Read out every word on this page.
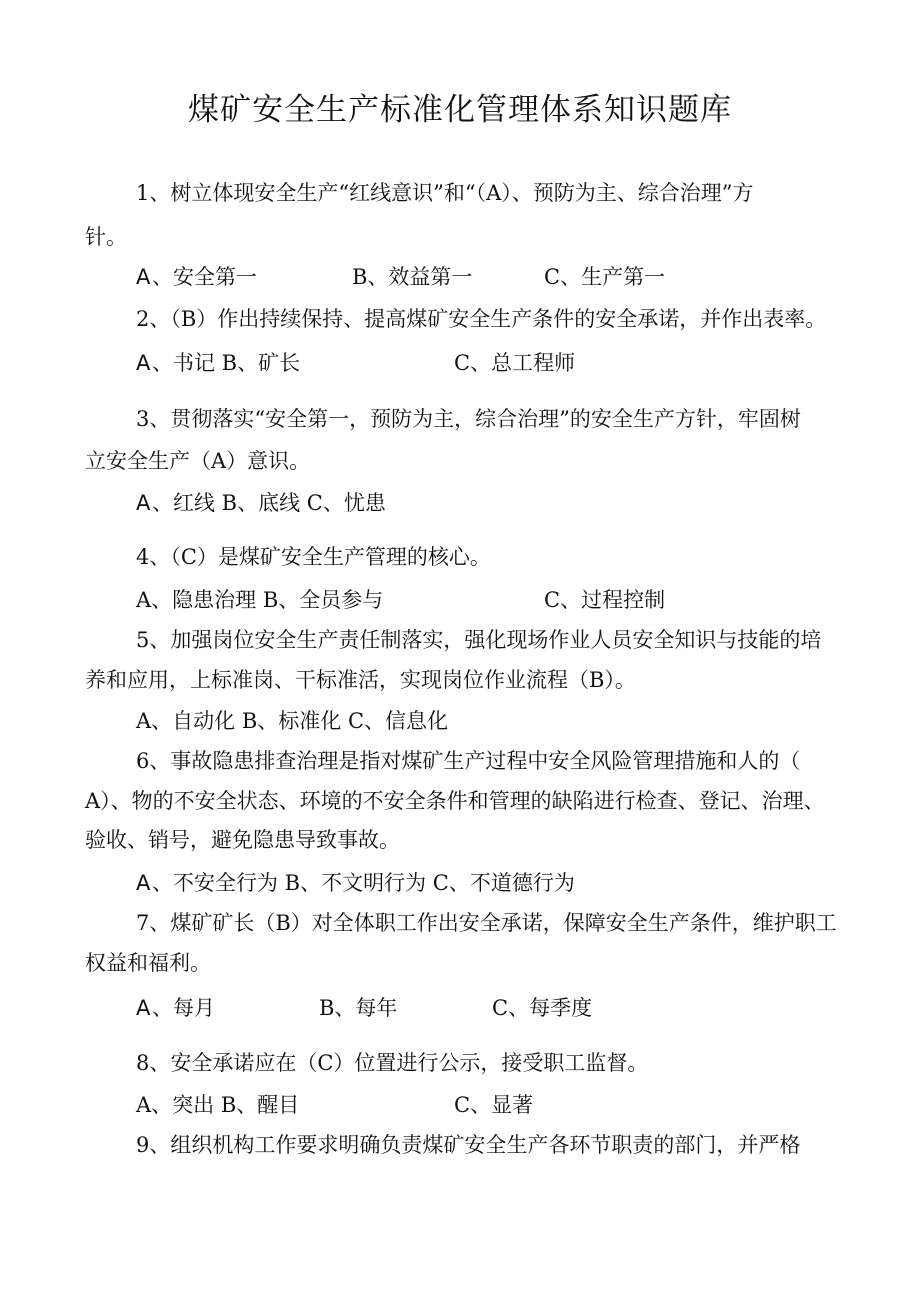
煤矿安全生产标准化管理体系知识题库
1、树立体现安全生产“红线意识”和“（A）、预防为主、综合治理”方
针。
A 、安全第一	B、效益第一	C、生产第一
2、（B）作出持续保持、提高煤矿安全生产条件的安全承诺，并作出表率。
A 、书记 B、矿长	C、总工程师
3、贯彻落实“安全第一，预防为主，综合治理”的安全生产方针，牢固树
立安全生产（A）意识。
A 、红线 B、底线 C、忧患
4、（C）是煤矿安全生产管理的核心。
A、隐患治理 B、全员参与	C、过程控制
5、加强岗位安全生产责任制落实，强化现场作业人员安全知识与技能的培
养和应用，上标准岗、干标准活，实现岗位作业流程（B）。
A、自动化 B、标准化 C、信息化
6、事故隐患排查治理是指对煤矿生产过程中安全风险管理措施和人的（
A）、物的不安全状态、环境的不安全条件和管理的缺陷进行检查、登记、治理、
验收、销号，避免隐患导致事故。
A 、不安全行为 B、不文明行为 C、不道德行为
7、煤矿矿长（B）对全体职工作出安全承诺，保障安全生产条件，维护职工
权益和福利。
A 、每月	B、每年	C、每季度
8、安全承诺应在（C）位置进行公示，接受职工监督。
A、突出 B、醒目	C、显著
9、组织机构工作要求明确负责煤矿安全生产各环节职责的部门，并严格
